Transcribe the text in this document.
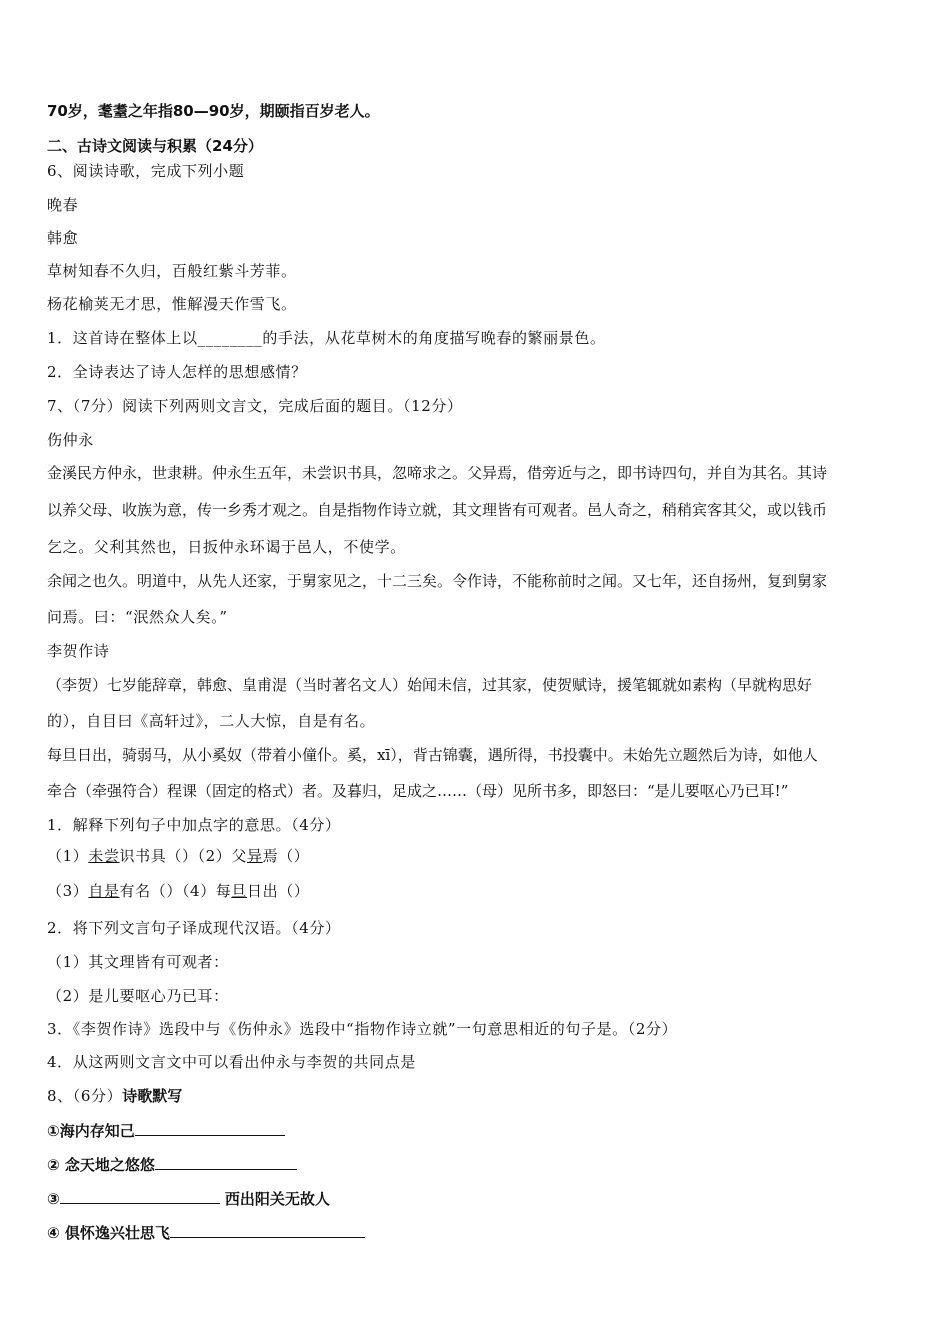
70岁，耄耋之年指80—90岁，期颐指百岁老人。
二、古诗文阅读与积累（24分）
6、阅读诗歌，完成下列小题
晚春
韩愈
草树知春不久归，百般红紫斗芳菲。
杨花榆荚无才思，惟解漫天作雪飞。
1．这首诗在整体上以________的手法，从花草树木的角度描写晚春的繁丽景色。
2．全诗表达了诗人怎样的思想感情？
7、（7分）阅读下列两则文言文，完成后面的题目。（12分）
伤仲永
金溪民方仲永，世隶耕。仲永生五年，未尝识书具，忽啼求之。父异焉，借旁近与之，即书诗四句，并自为其名。其诗
以养父母、收族为意，传一乡秀才观之。自是指物作诗立就，其文理皆有可观者。邑人奇之，稍稍宾客其父，或以钱币
乞之。父利其然也，日扳仲永环谒于邑人，不使学。
余闻之也久。明道中，从先人还家，于舅家见之，十二三矣。令作诗，不能称前时之闻。又七年，还自扬州，复到舅家
问焉。曰：“泯然众人矣。”
李贺作诗
（李贺）七岁能辞章，韩愈、皇甫湜（当时著名文人）始闻未信，过其家，使贺赋诗，援笔辄就如素构（早就构思好
的），自目曰《高轩过》，二人大惊，自是有名。
每旦日出，骑弱马，从小奚奴（带着小僮仆。奚，xī），背古锦囊，遇所得，书投囊中。未始先立题然后为诗，如他人
牵合（牵强符合）程课（固定的格式）者。及暮归，足成之……（母）见所书多，即怒曰：“是儿要呕心乃已耳!”
1．解释下列句子中加点字的意思。（4分）
（1）未尝识书具（）（2）父异焉（）
（3）自是有名（）（4）每旦日出（）
2．将下列文言句子译成现代汉语。（4分）
（1）其文理皆有可观者：
（2）是儿要呕心乃已耳：
3．《李贺作诗》选段中与《伤仲永》选段中“指物作诗立就”一句意思相近的句子是。（2分）
4．从这两则文言文中可以看出仲永与李贺的共同点是
8、（6分）诗歌默写
①海内存知己
② 念天地之悠悠
③	西出阳关无故人
④ 俱怀逸兴壮思飞
